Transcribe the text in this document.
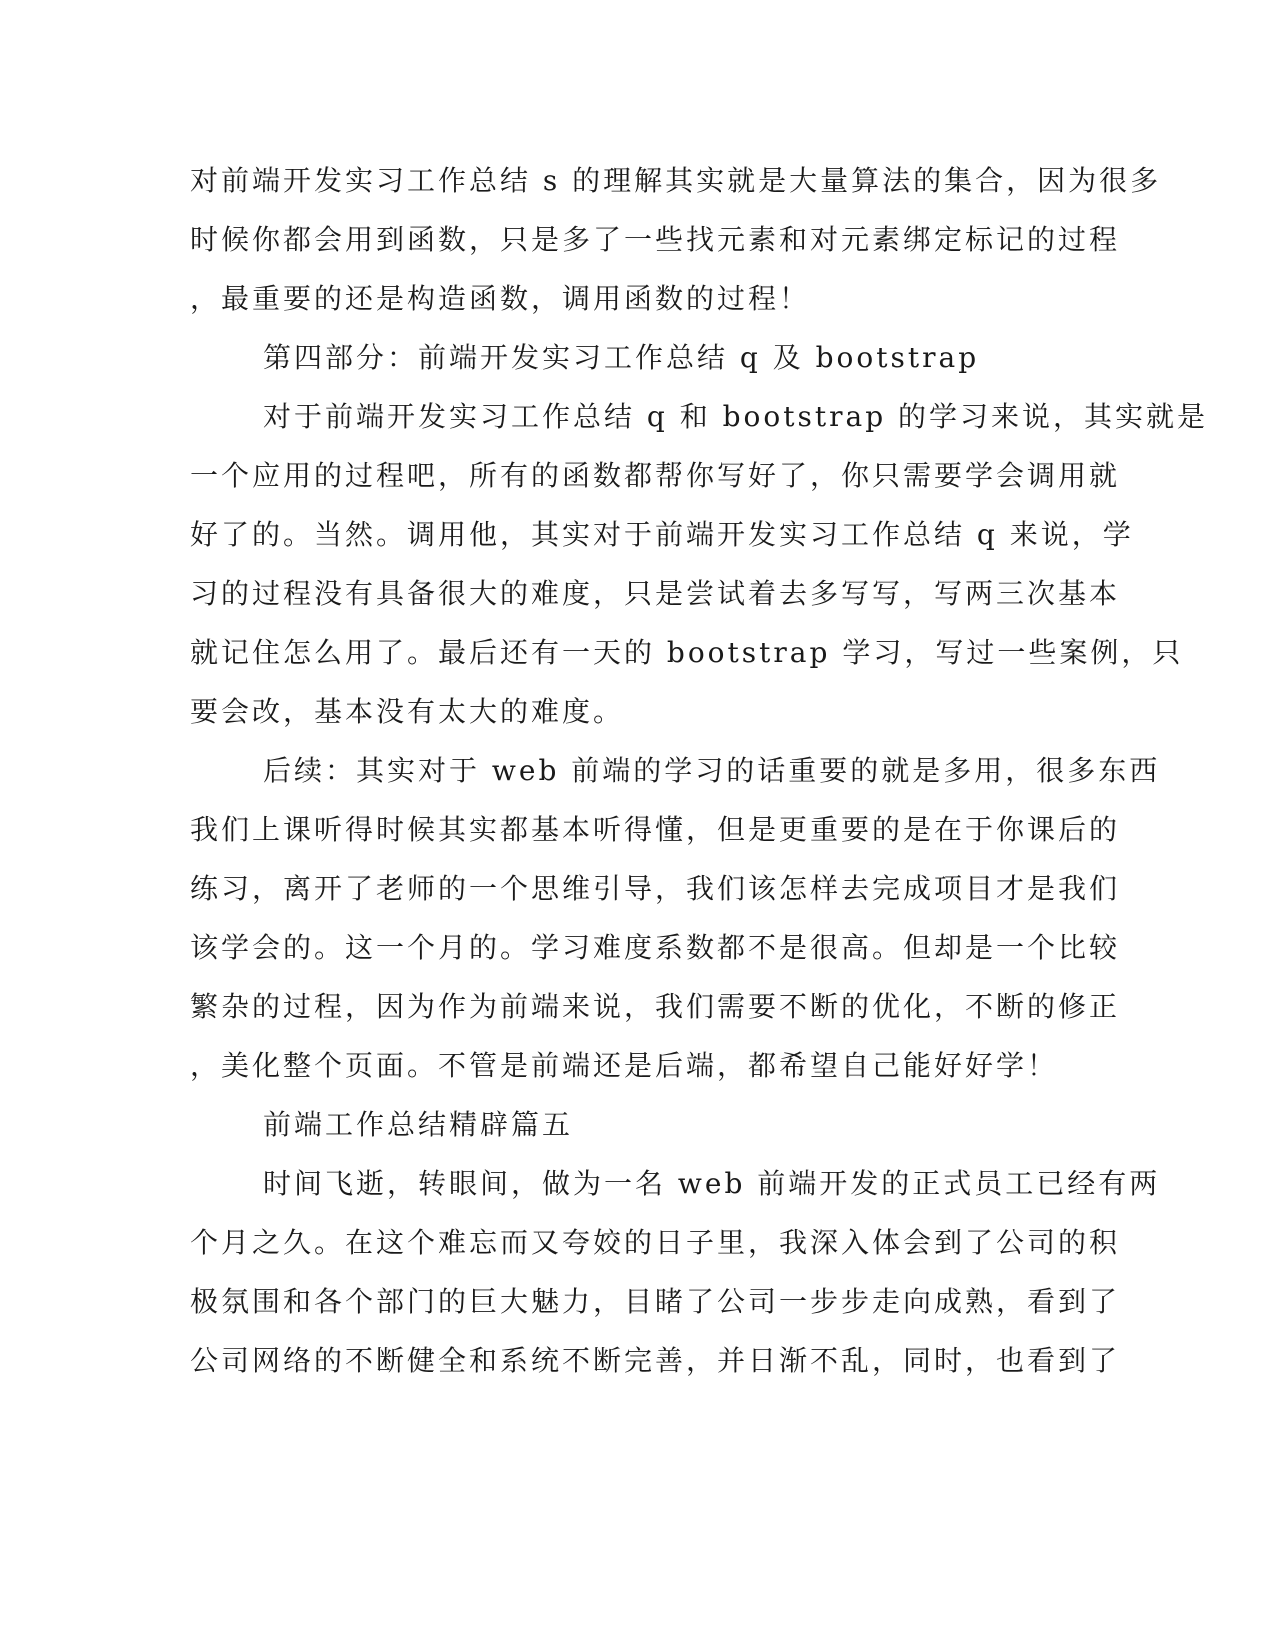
对前端开发实习工作总结 s 的理解其实就是大量算法的集合，因为很多
时候你都会用到函数，只是多了一些找元素和对元素绑定标记的过程
，最重要的还是构造函数，调用函数的过程！
第四部分：前端开发实习工作总结 q 及 bootstrap
对于前端开发实习工作总结 q 和 bootstrap 的学习来说，其实就是
一个应用的过程吧，所有的函数都帮你写好了，你只需要学会调用就
好了的。当然。调用他，其实对于前端开发实习工作总结 q 来说，学
习的过程没有具备很大的难度，只是尝试着去多写写，写两三次基本
就记住怎么用了。最后还有一天的 bootstrap 学习，写过一些案例，只
要会改，基本没有太大的难度。
后续：其实对于 web 前端的学习的话重要的就是多用，很多东西
我们上课听得时候其实都基本听得懂，但是更重要的是在于你课后的
练习，离开了老师的一个思维引导，我们该怎样去完成项目才是我们
该学会的。这一个月的。学习难度系数都不是很高。但却是一个比较
繁杂的过程，因为作为前端来说，我们需要不断的优化，不断的修正
，美化整个页面。不管是前端还是后端，都希望自己能好好学！
前端工作总结精辟篇五
时间飞逝，转眼间，做为一名 web 前端开发的正式员工已经有两
个月之久。在这个难忘而又夸姣的日子里，我深入体会到了公司的积
极氛围和各个部门的巨大魅力，目睹了公司一步步走向成熟，看到了
公司网络的不断健全和系统不断完善，并日渐不乱，同时，也看到了
